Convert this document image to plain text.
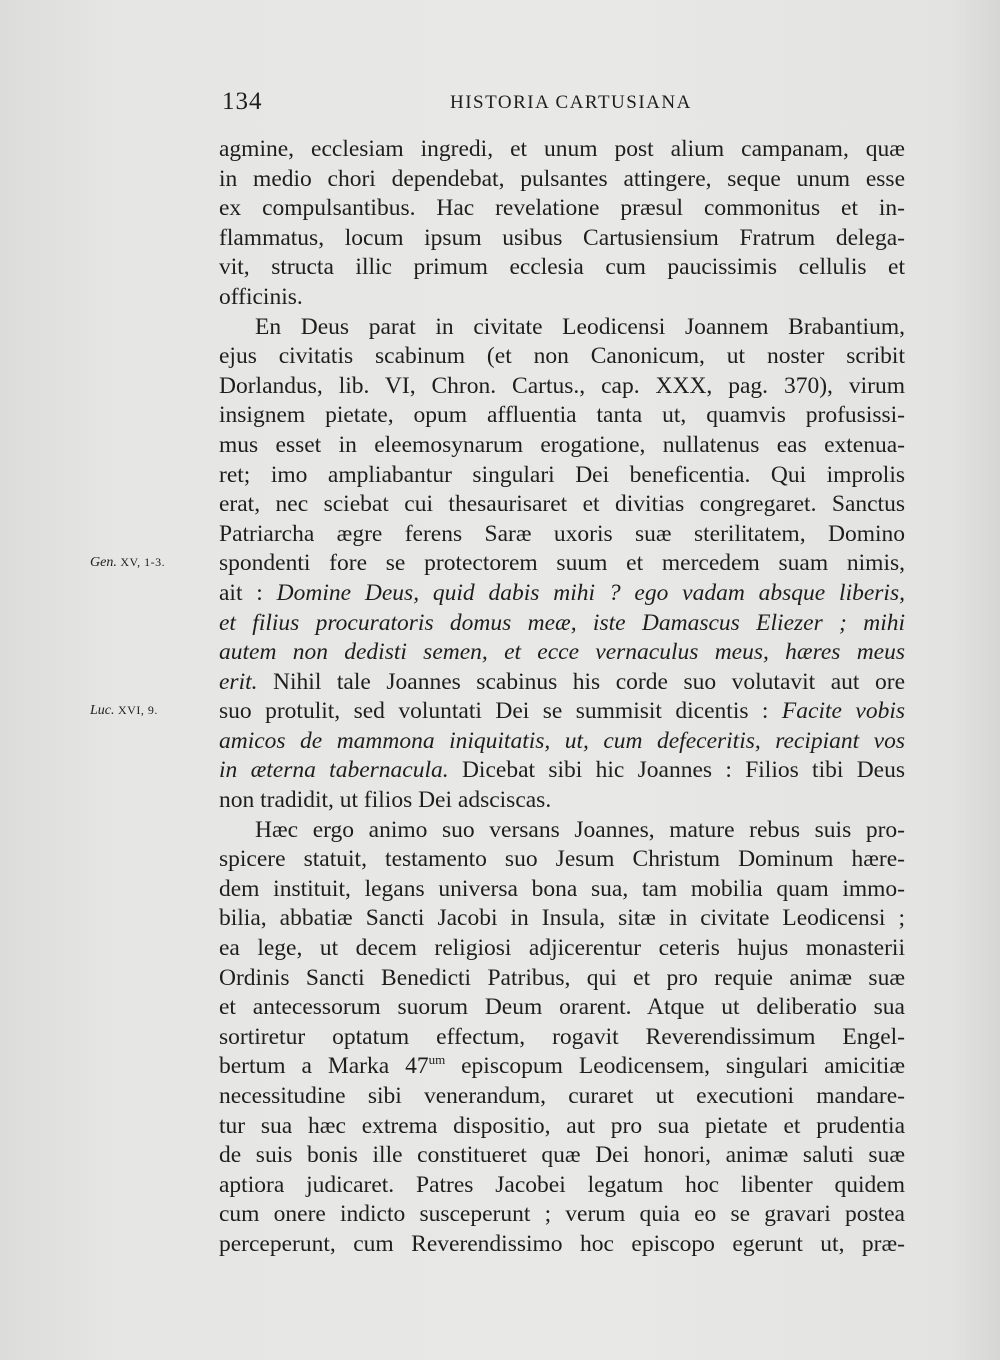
134	HISTORIA CARTUSIANA
agmine, ecclesiam ingredi, et unum post alium campanam, quæ
in medio chori dependebat, pulsantes attingere, seque unum esse
ex compulsantibus. Hac revelatione præsul commonitus et in-
flammatus, locum ipsum usibus Cartusiensium Fratrum delega-
vit, structa illic primum ecclesia cum paucissimis cellulis et
officinis.
En Deus parat in civitate Leodicensi Joannem Brabantium,
ejus civitatis scabinum (et non Canonicum, ut noster scribit
Dorlandus, lib. VI, Chron. Cartus., cap. XXX, pag. 370), virum
insignem pietate, opum affluentia tanta ut, quamvis profusissi-
mus esset in eleemosynarum erogatione, nullatenus eas extenua-
ret; imo ampliabantur singulari Dei beneficentia. Qui improlis
erat, nec sciebat cui thesaurisaret et divitias congregaret. Sanctus
Patriarcha ægre ferens Saræ uxoris suæ sterilitatem, Domino
spondenti fore se protectorem suum et mercedem suam nimis,
ait : Domine Deus, quid dabis mihi ? ego vadam absque liberis,
et filius procuratoris domus meæ, iste Damascus Eliezer ; mihi
autem non dedisti semen, et ecce vernaculus meus, hæres meus
erit. Nihil tale Joannes scabinus his corde suo volutavit aut ore
suo protulit, sed voluntati Dei se summisit dicentis : Facite vobis
amicos de mammona iniquitatis, ut, cum defeceritis, recipiant vos
in æterna tabernacula. Dicebat sibi hic Joannes : Filios tibi Deus
non tradidit, ut filios Dei adsciscas.
Hæc ergo animo suo versans Joannes, mature rebus suis pro-
spicere statuit, testamento suo Jesum Christum Dominum hære-
dem instituit, legans universa bona sua, tam mobilia quam immo-
bilia, abbatiæ Sancti Jacobi in Insula, sitæ in civitate Leodicensi ;
ea lege, ut decem religiosi adjicerentur ceteris hujus monasterii
Ordinis Sancti Benedicti Patribus, qui et pro requie animæ suæ
et antecessorum suorum Deum orarent. Atque ut deliberatio sua
sortiretur optatum effectum, rogavit Reverendissimum Engel-
bertum a Marka $47^{um}$ episcopum Leodicensem, singulari amicitiæ
necessitudine sibi venerandum, curaret ut executioni mandare-
tur sua hæc extrema dispositio, aut pro sua pietate et prudentia
de suis bonis ille constitueret quæ Dei honori, animæ saluti suæ
aptiora judicaret. Patres Jacobei legatum hoc libenter quidem
cum onere indicto susceperunt ; verum quia eo se gravari postea
perceperunt, cum Reverendissimo hoc episcopo egerunt ut, præ-
Gen. XV, 1-3.
Luc. XVI, 9.
